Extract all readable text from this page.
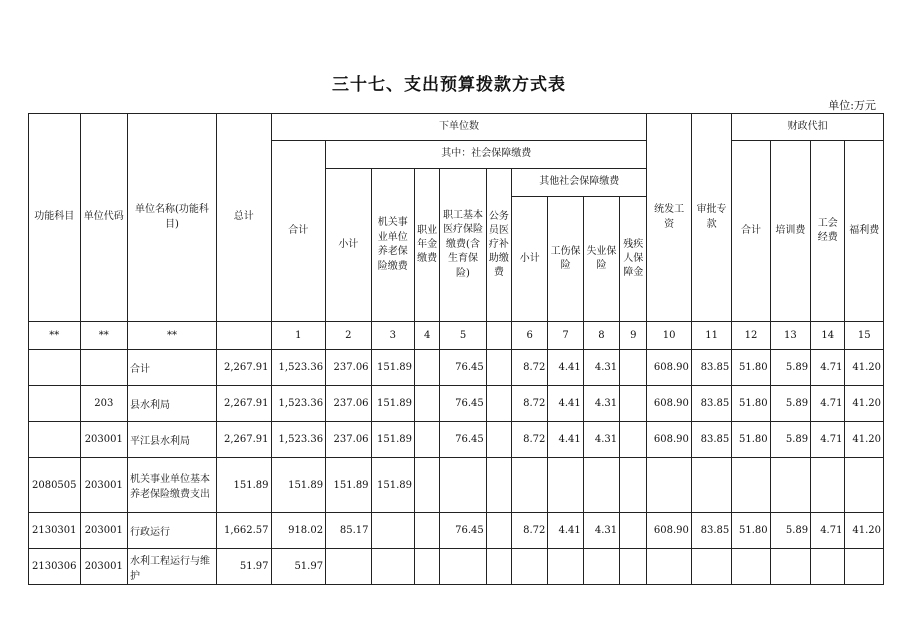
三十七、支出预算拨款方式表
单位:万元
功能科目	单位代码	单位名称(功能科目)	总计	下单位数										统发工资	审批专款	财政代扣			
				合计	其中：社会保障缴费											合计	培训费	工会经费	福利费
					小计	机关事业单位养老保险缴费	职业年金缴费	职工基本医疗保险缴费(含生育保险)	公务员医疗补助缴费	其他社会保障缴费									
										小计	工伤保险	失业保险	残疾人保障金						
**	**	**		1	2	3	4	5		6	7	8	9	10	11	12	13	14	15
		合计	2,267.91	1,523.36	237.06	151.89		76.45		8.72	4.41	4.31		608.90	83.85	51.80	5.89	4.71	41.20
	203	县水利局	2,267.91	1,523.36	237.06	151.89		76.45		8.72	4.41	4.31		608.90	83.85	51.80	5.89	4.71	41.20
	203001	平江县水利局	2,267.91	1,523.36	237.06	151.89		76.45		8.72	4.41	4.31		608.90	83.85	51.80	5.89	4.71	41.20
2080505	203001	机关事业单位基本养老保险缴费支出	151.89	151.89	151.89	151.89													
2130301	203001	行政运行	1,662.57	918.02	85.17			76.45		8.72	4.41	4.31		608.90	83.85	51.80	5.89	4.71	41.20
2130306	203001	水利工程运行与维护	51.97	51.97															
